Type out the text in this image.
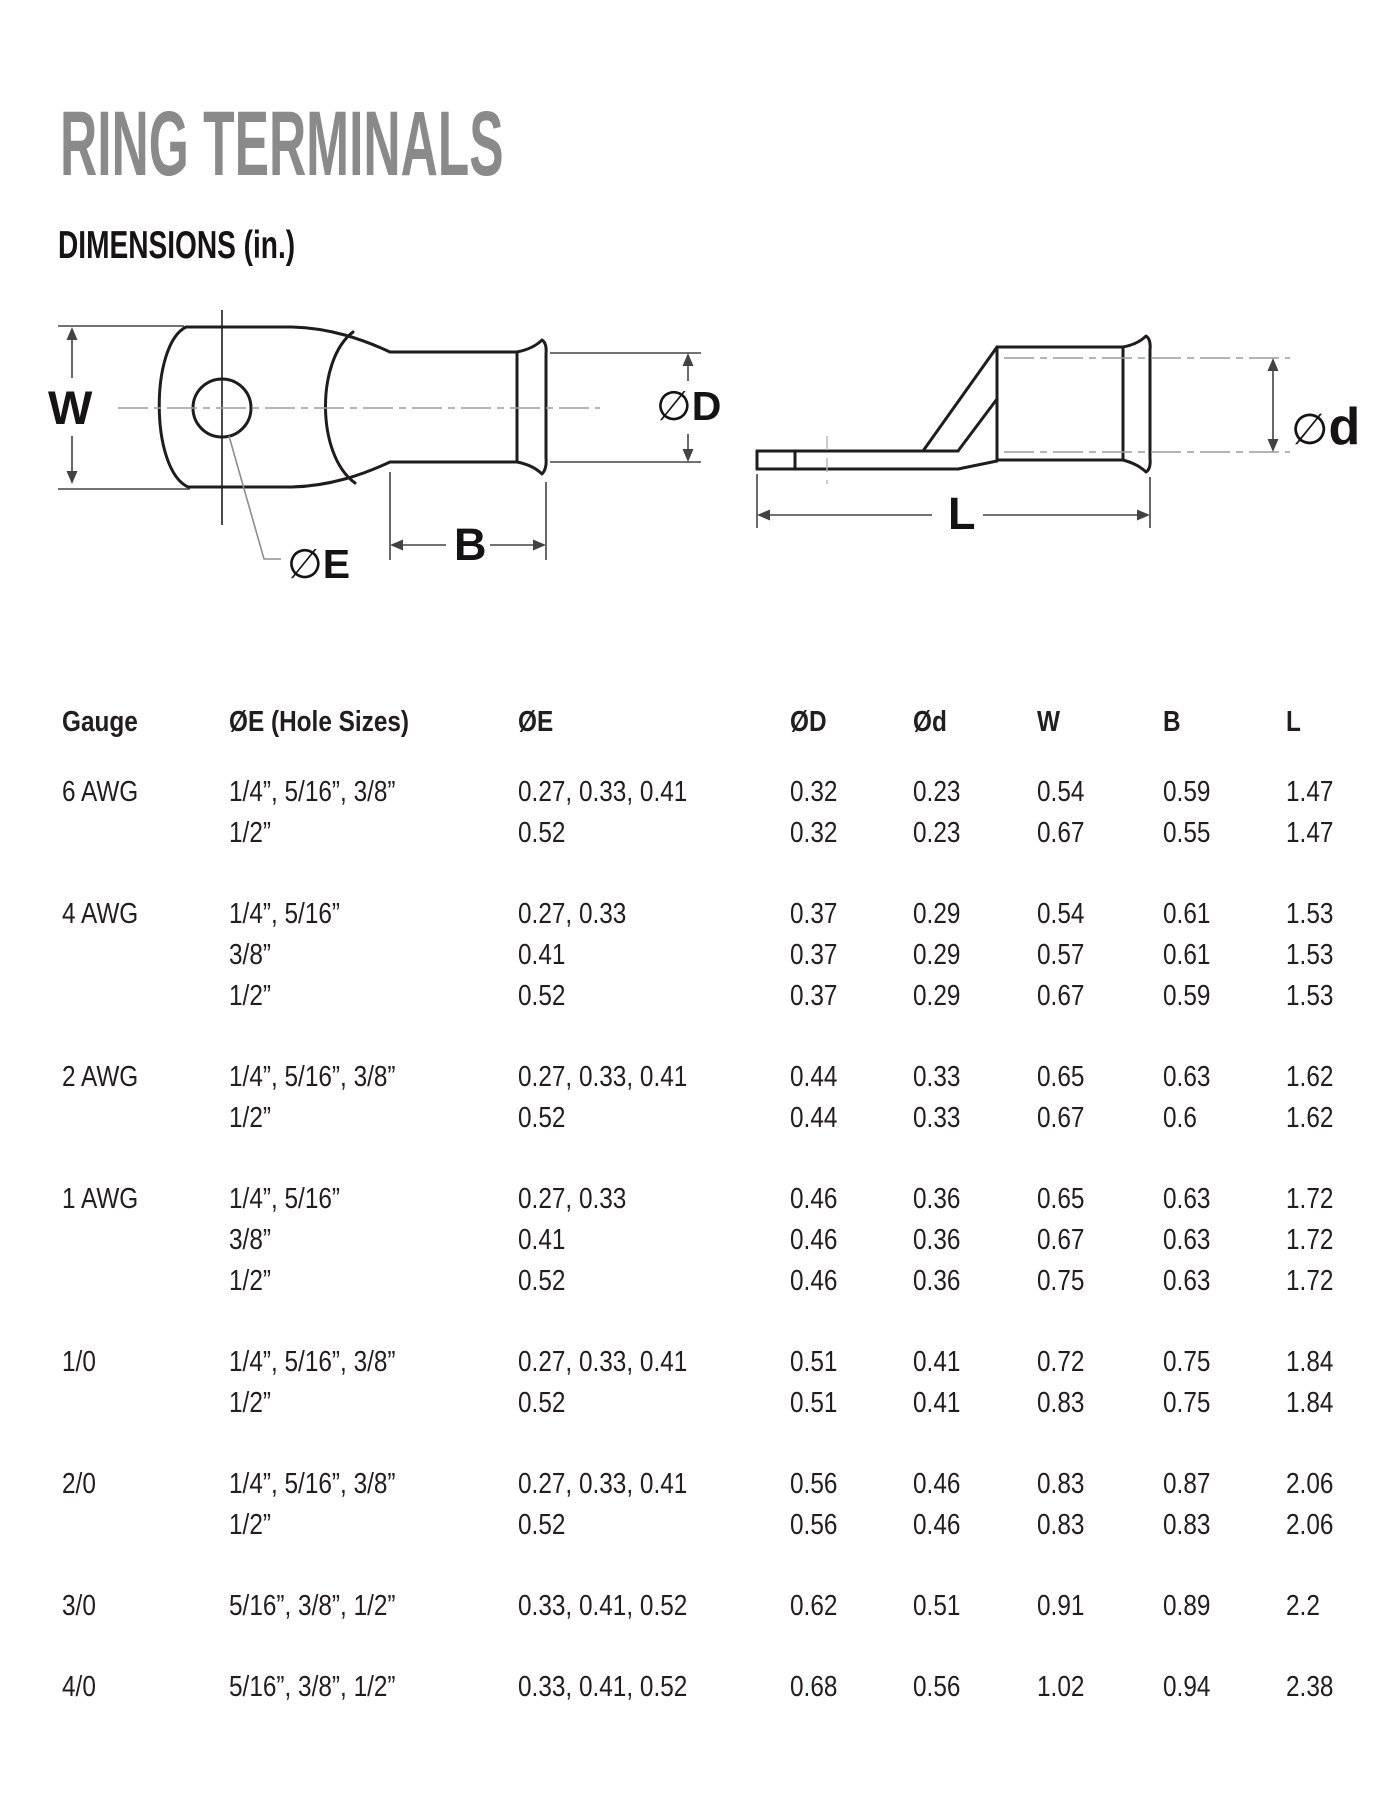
RING TERMINALS
DIMENSIONS (in.)
W	∅D
B
∅E
∅d
L
Gauge	ØE (Hole Sizes)	ØE	ØD	Ød	W	B	L
6 AWG	1/4”, 5/16”, 3/8”	0.27, 0.33, 0.41	0.32	0.23	0.54	0.59	1.47
1/2”	0.52	0.32	0.23	0.67	0.55	1.47
4 AWG	1/4”, 5/16”	0.27, 0.33	0.37	0.29	0.54	0.61	1.53
3/8”	0.41	0.37	0.29	0.57	0.61	1.53
1/2”	0.52	0.37	0.29	0.67	0.59	1.53
2 AWG	1/4”, 5/16”, 3/8”	0.27, 0.33, 0.41	0.44	0.33	0.65	0.63	1.62
1/2”	0.52	0.44	0.33	0.67	0.6	1.62
1 AWG	1/4”, 5/16”	0.27, 0.33	0.46	0.36	0.65	0.63	1.72
3/8”	0.41	0.46	0.36	0.67	0.63	1.72
1/2”	0.52	0.46	0.36	0.75	0.63	1.72
1/0	1/4”, 5/16”, 3/8”	0.27, 0.33, 0.41	0.51	0.41	0.72	0.75	1.84
1/2”	0.52	0.51	0.41	0.83	0.75	1.84
2/0	1/4”, 5/16”, 3/8”	0.27, 0.33, 0.41	0.56	0.46	0.83	0.87	2.06
1/2”	0.52	0.56	0.46	0.83	0.83	2.06
3/0	5/16”, 3/8”, 1/2”	0.33, 0.41, 0.52	0.62	0.51	0.91	0.89	2.2
4/0	5/16”, 3/8”, 1/2”	0.33, 0.41, 0.52	0.68	0.56	1.02	0.94	2.38
